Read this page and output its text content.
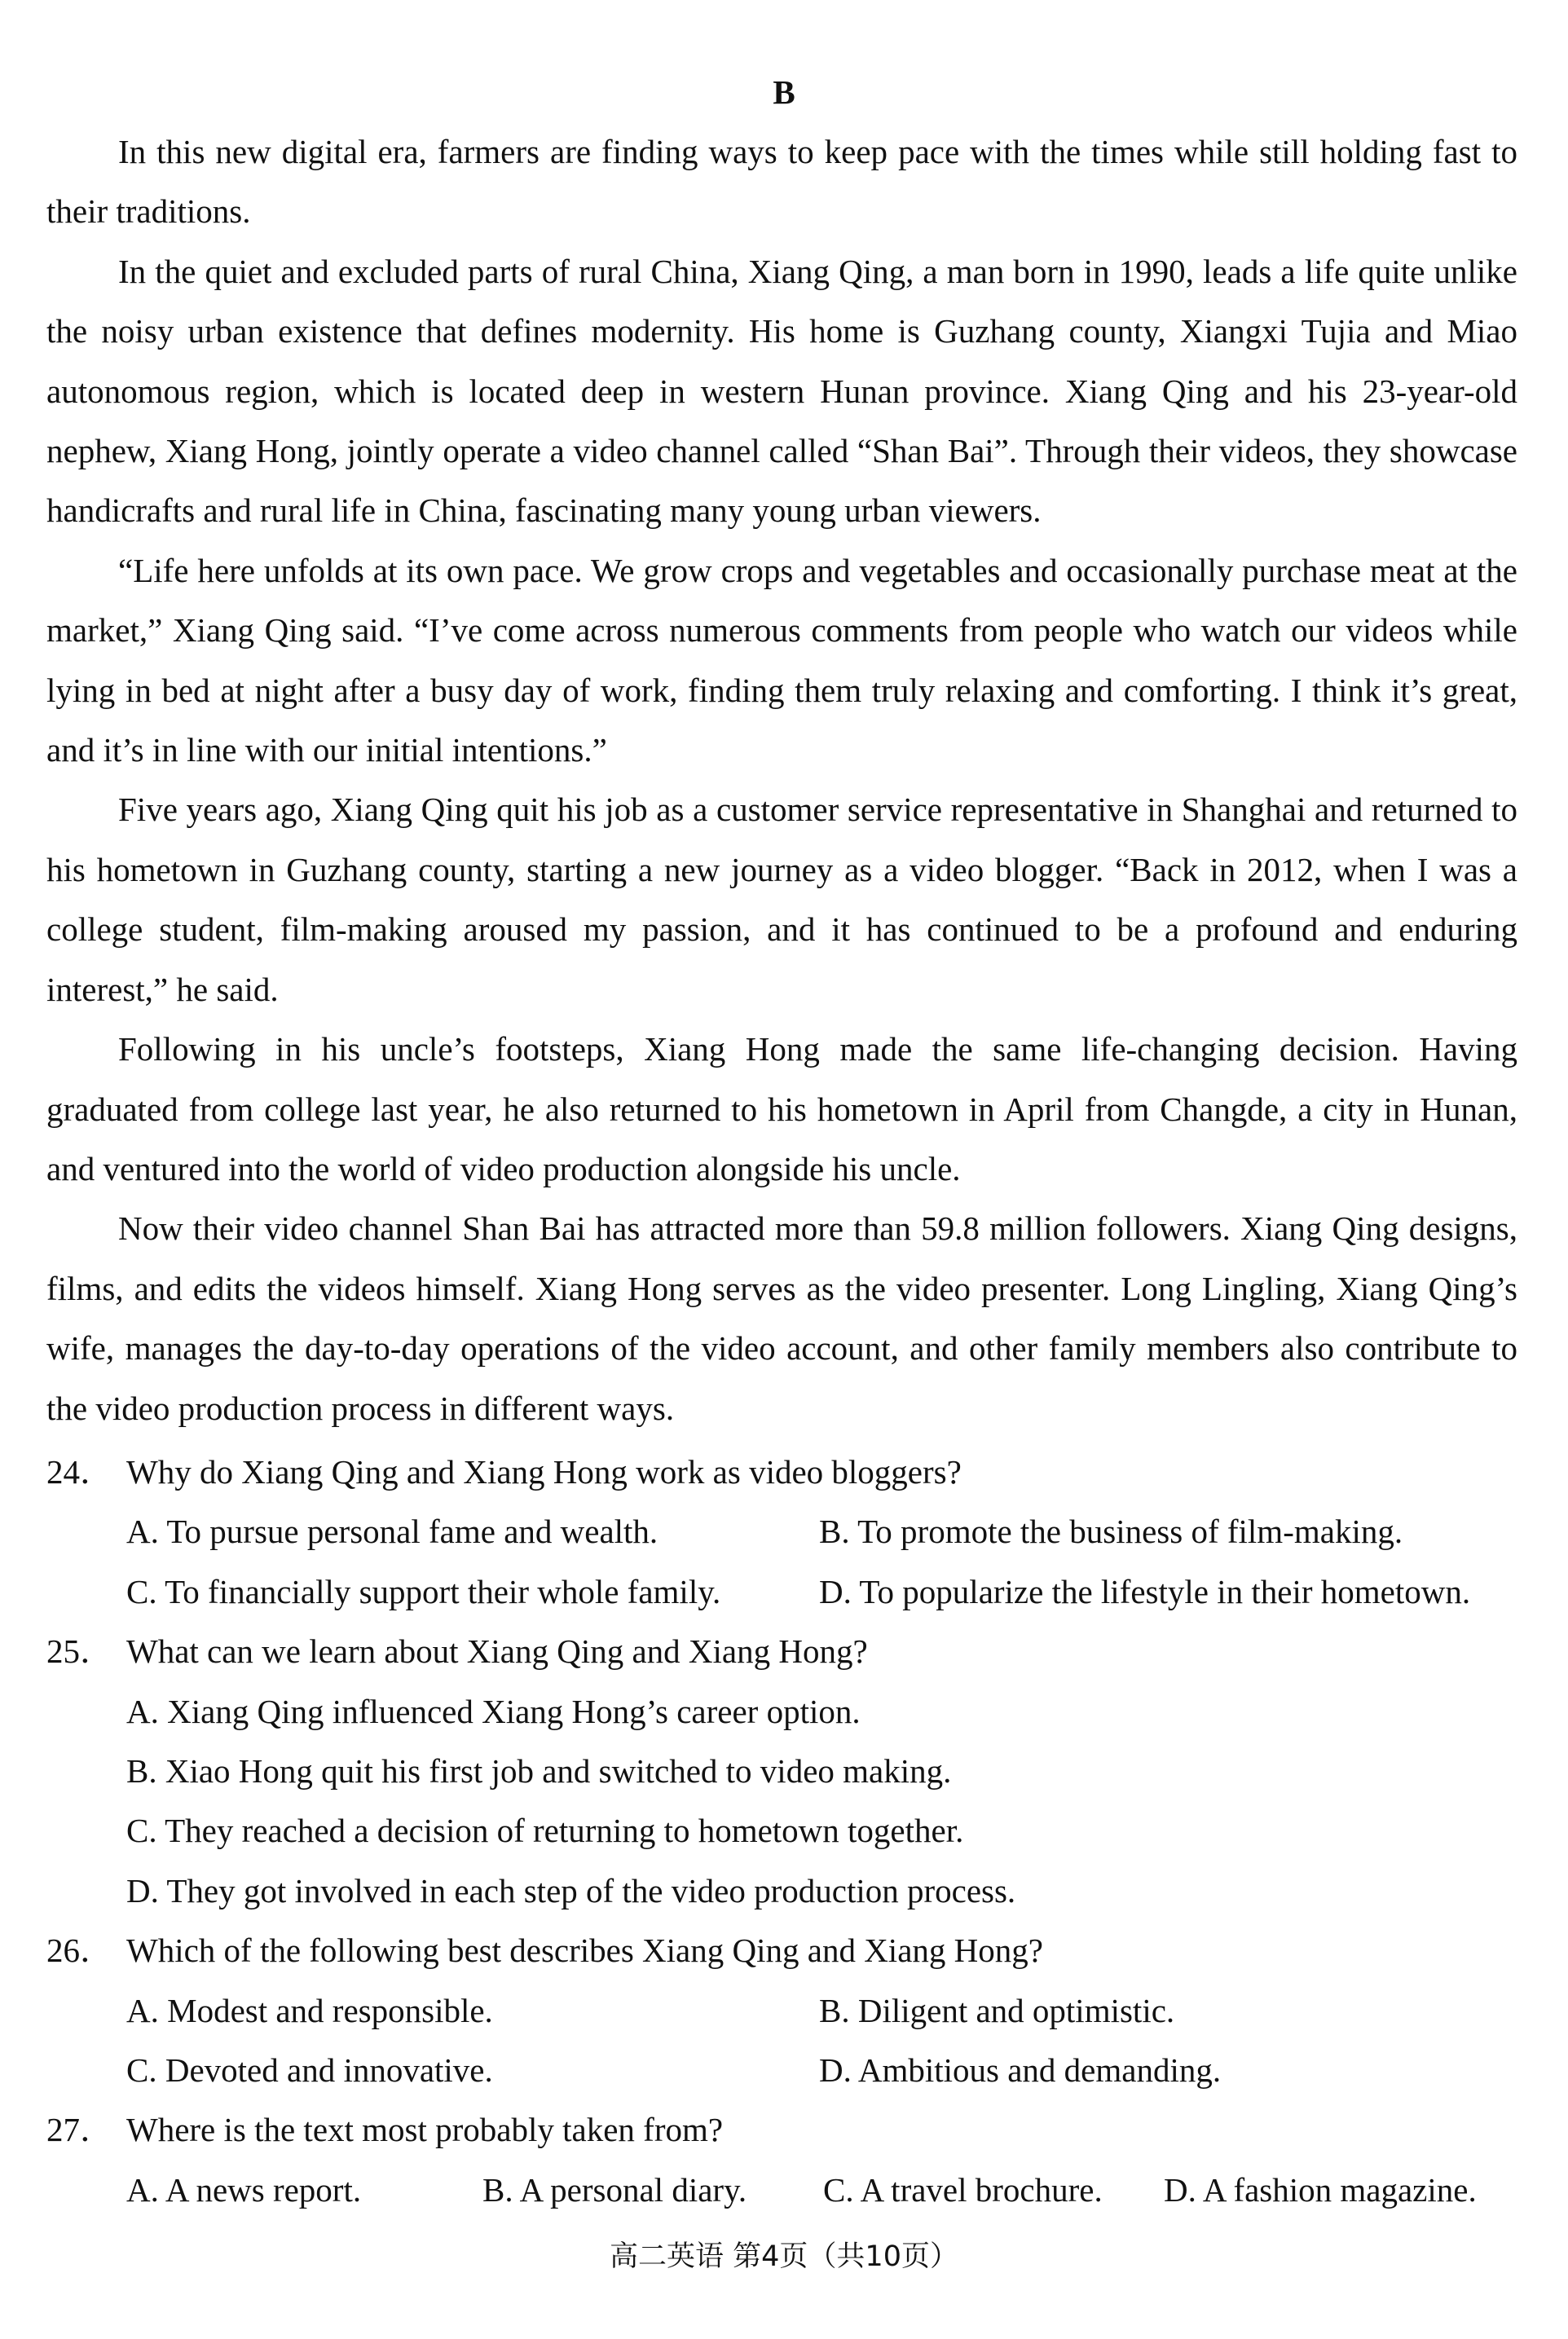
B

In this new digital era, farmers are finding ways to keep pace with the times while still holding fast to their traditions.

In the quiet and excluded parts of rural China, Xiang Qing, a man born in 1990, leads a life quite unlike the noisy urban existence that defines modernity. His home is Guzhang county, Xiangxi Tujia and Miao autonomous region, which is located deep in western Hunan province. Xiang Qing and his 23-year-old nephew, Xiang Hong, jointly operate a video channel called “Shan Bai”. Through their videos, they showcase handicrafts and rural life in China, fascinating many young urban viewers.

“Life here unfolds at its own pace. We grow crops and vegetables and occasionally purchase meat at the market,” Xiang Qing said. “I’ve come across numerous comments from people who watch our videos while lying in bed at night after a busy day of work, finding them truly relaxing and comforting. I think it’s great, and it’s in line with our initial intentions.”

Five years ago, Xiang Qing quit his job as a customer service representative in Shanghai and returned to his hometown in Guzhang county, starting a new journey as a video blogger. “Back in 2012, when I was a college student, film-making aroused my passion, and it has continued to be a profound and enduring interest,” he said.

Following in his uncle’s footsteps, Xiang Hong made the same life-changing decision. Having graduated from college last year, he also returned to his hometown in April from Changde, a city in Hunan, and ventured into the world of video production alongside his uncle.

Now their video channel Shan Bai has attracted more than 59.8 million followers. Xiang Qing designs, films, and edits the videos himself. Xiang Hong serves as the video presenter. Long Lingling, Xiang Qing’s wife, manages the day-to-day operations of the video account, and other family members also contribute to the video production process in different ways.

24． Why do Xiang Qing and Xiang Hong work as video bloggers?
A. To pursue personal fame and wealth.	B. To promote the business of film-making.
C. To financially support their whole family.	D. To popularize the lifestyle in their hometown.
25． What can we learn about Xiang Qing and Xiang Hong?
A. Xiang Qing influenced Xiang Hong’s career option.
B. Xiao Hong quit his first job and switched to video making.
C. They reached a decision of returning to hometown together.
D. They got involved in each step of the video production process.
26． Which of the following best describes Xiang Qing and Xiang Hong?
A. Modest and responsible.	B. Diligent and optimistic.
C. Devoted and innovative.	D. Ambitious and demanding.
27． Where is the text most probably taken from?
A. A news report.	B. A personal diary.	C. A travel brochure.	D. A fashion magazine.
高二英语 第4页（共10页）
